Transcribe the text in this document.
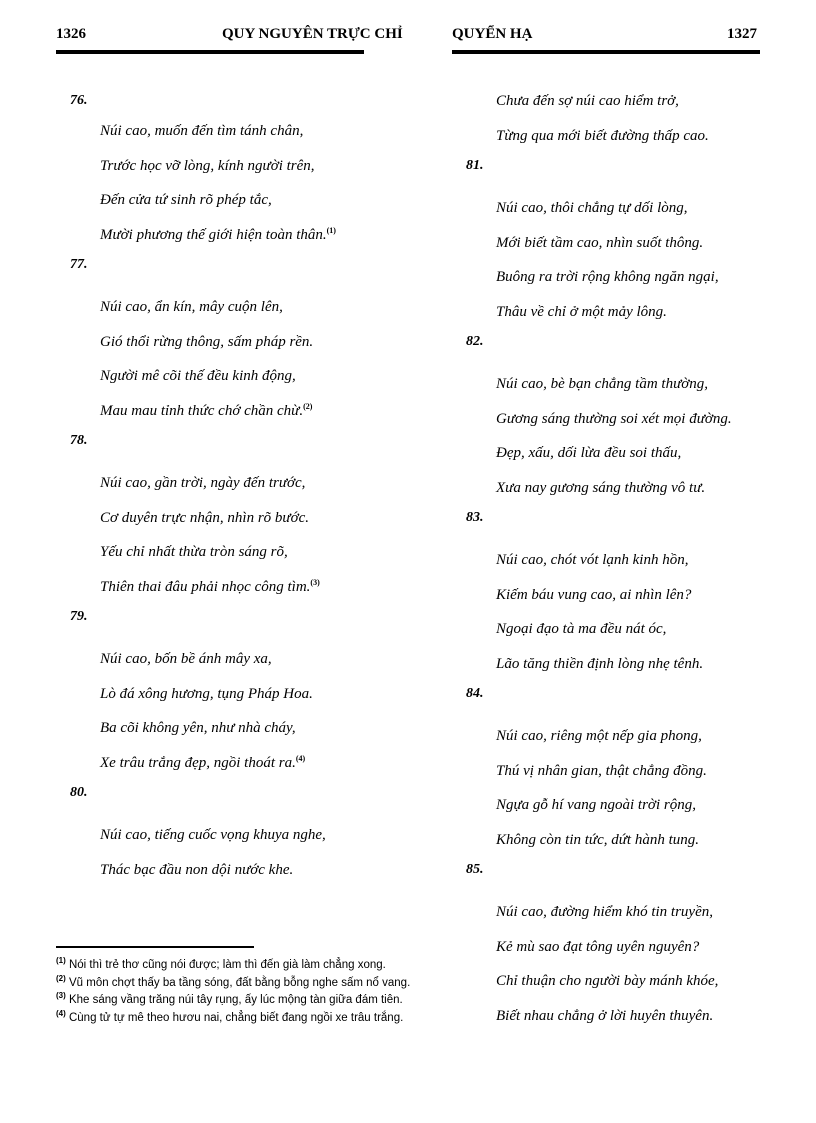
1326	QUY NGUYÊN TRỰC CHỈ	QUYỂN HẠ	1327
76.
Núi cao, muốn đến tìm tánh chân,
Trước học vỡ lòng, kính người trên,
Đến cửa tứ sinh rõ phép tắc,
Mười phương thế giới hiện toàn thân.$^{(1)}$
77.
Núi cao, ẩn kín, mây cuộn lên,
Gió thổi rừng thông, sấm pháp rền.
Người mê cõi thế đều kinh động,
Mau mau tỉnh thức chớ chần chừ.$^{(2)}$
78.
Núi cao, gần trời, ngày đến trước,
Cơ duyên trực nhận, nhìn rõ bước.
Yếu chỉ nhất thừa tròn sáng rõ,
Thiên thai đâu phải nhọc công tìm.$^{(3)}$
79.
Núi cao, bốn bề ánh mây xa,
Lò đá xông hương, tụng Pháp Hoa.
Ba cõi không yên, như nhà cháy,
Xe trâu trắng đẹp, ngồi thoát ra.$^{(4)}$
80.
Núi cao, tiếng cuốc vọng khuya nghe,
Thác bạc đầu non dội nước khe.
$^{(1)}$ Nói thì trẻ thơ cũng nói được; làm thì đến già làm chẳng xong.
$^{(2)}$ Vũ môn chợt thấy ba tầng sóng, đất bằng bỗng nghe sấm nổ vang.
$^{(3)}$ Khe sáng vầng trăng núi tây rụng, ấy lúc mộng tàn giữa đám tiên.
$^{(4)}$ Cùng tử tự mê theo hươu nai, chẳng biết đang ngồi xe trâu trắng.
Chưa đến sợ núi cao hiểm trở,
Từng qua mới biết đường thấp cao.
81.
Núi cao, thôi chẳng tự dối lòng,
Mới biết tầm cao, nhìn suốt thông.
Buông ra trời rộng không ngăn ngại,
Thâu về chỉ ở một mảy lông.
82.
Núi cao, bè bạn chẳng tầm thường,
Gương sáng thường soi xét mọi đường.
Đẹp, xấu, dối lừa đều soi thấu,
Xưa nay gương sáng thường vô tư.
83.
Núi cao, chót vót lạnh kinh hồn,
Kiếm báu vung cao, ai nhìn lên?
Ngoại đạo tà ma đều nát óc,
Lão tăng thiền định lòng nhẹ tênh.
84.
Núi cao, riêng một nếp gia phong,
Thú vị nhân gian, thật chẳng đồng.
Ngựa gỗ hí vang ngoài trời rộng,
Không còn tin tức, dứt hành tung.
85.
Núi cao, đường hiểm khó tin truyền,
Kẻ mù sao đạt tông uyên nguyên?
Chỉ thuận cho người bày mánh khóe,
Biết nhau chẳng ở lời huyên thuyên.
